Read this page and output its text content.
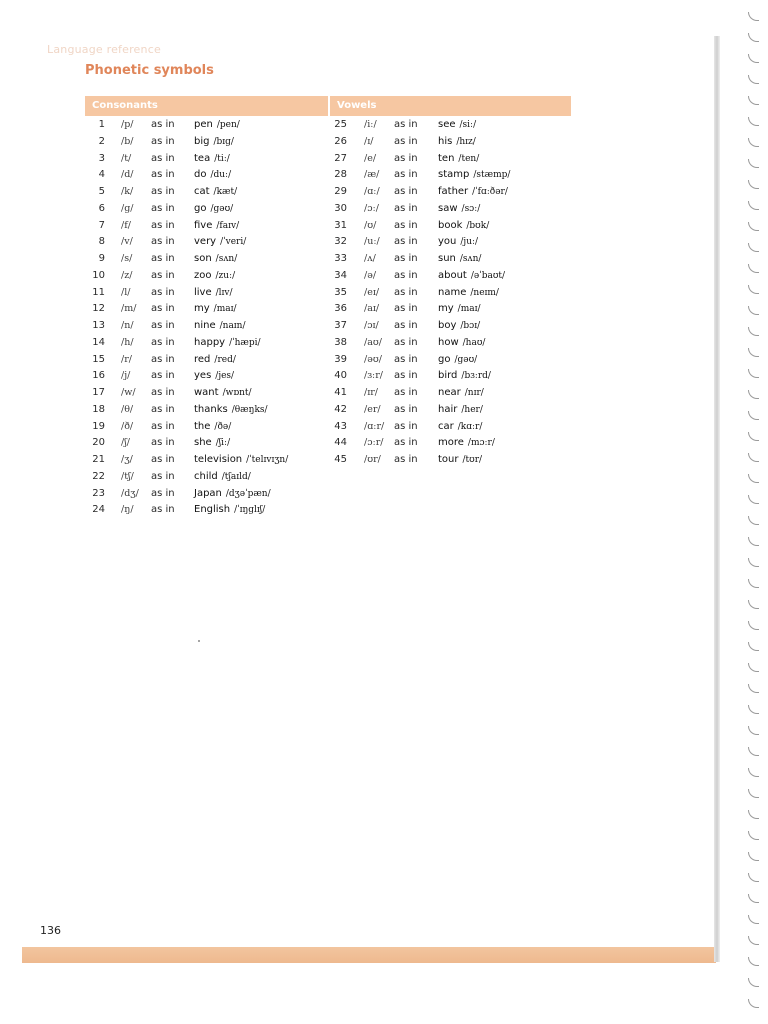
Language reference
Phonetic symbols
Consonants	Vowels
1 /p/ as in pen /pen/
2 /b/ as in big /bɪg/
3 /t/ as in tea /tiː/
4 /d/ as in do /duː/
5 /k/ as in cat /kæt/
6 /g/ as in go /gəʊ/
7 /f/ as in five /faɪv/
8 /v/ as in very /ˈveri/
9 /s/ as in son /sʌn/
10 /z/ as in zoo /zuː/
11 /l/ as in live /lɪv/
12 /m/ as in my /maɪ/
13 /n/ as in nine /naɪn/
14 /h/ as in happy /ˈhæpi/
15 /r/ as in red /red/
16 /j/ as in yes /jes/
17 /w/ as in want /wɒnt/
18 /θ/ as in thanks /θæŋks/
19 /ð/ as in the /ðə/
20 /ʃ/ as in she /ʃiː/
21 /ʒ/ as in television /ˈtelɪvɪʒn/
22 /tʃ/ as in child /tʃaɪld/
23 /dʒ/ as in Japan /dʒəˈpæn/
24 /ŋ/ as in English /ˈɪŋglɪʃ/
25 /iː/ as in see /siː/
26 /ɪ/ as in his /hɪz/
27 /e/ as in ten /ten/
28 /æ/ as in stamp /stæmp/
29 /ɑː/ as in father /ˈfɑːðər/
30 /ɔː/ as in saw /sɔː/
31 /ʊ/ as in book /bʊk/
32 /uː/ as in you /juː/
33 /ʌ/ as in sun /sʌn/
34 /ə/ as in about /əˈbaʊt/
35 /eɪ/ as in name /neɪm/
36 /aɪ/ as in my /maɪ/
37 /ɔɪ/ as in boy /bɔɪ/
38 /aʊ/ as in how /haʊ/
39 /əʊ/ as in go /gəʊ/
40 /ɜːr/ as in bird /bɜːrd/
41 /ɪr/ as in near /nɪr/
42 /er/ as in hair /her/
43 /ɑːr/ as in car /kɑːr/
44 /ɔːr/ as in more /mɔːr/
45 /ʊr/ as in tour /tʊr/
136
